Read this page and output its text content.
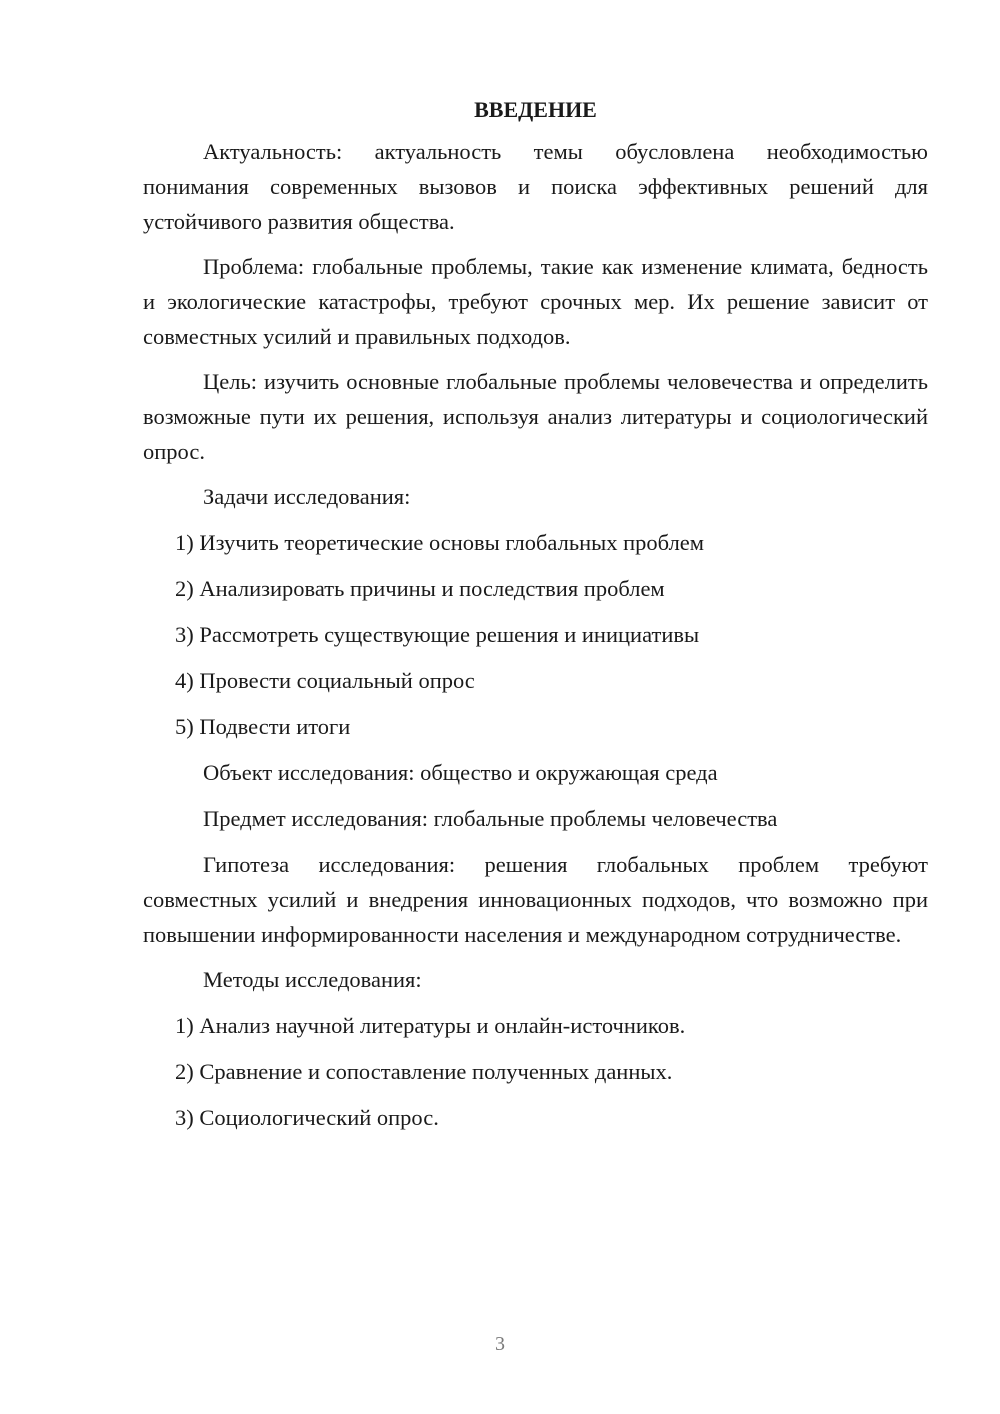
ВВЕДЕНИЕ

Актуальность: актуальность темы обусловлена необходимостью понимания современных вызовов и поиска эффективных решений для устойчивого развития общества.

Проблема: глобальные проблемы, такие как изменение климата, бедность и экологические катастрофы, требуют срочных мер. Их решение зависит от совместных усилий и правильных подходов.

Цель: изучить основные глобальные проблемы человечества и определить возможные пути их решения, используя анализ литературы и социологический опрос.

Задачи исследования:
1) Изучить теоретические основы глобальных проблем
2) Анализировать причины и последствия проблем
3) Рассмотреть существующие решения и инициативы
4) Провести социальный опрос
5) Подвести итоги
Объект исследования: общество и окружающая среда
Предмет исследования: глобальные проблемы человечества

Гипотеза исследования: решения глобальных проблем требуют совместных усилий и внедрения инновационных подходов, что возможно при повышении информированности населения и международном сотрудничестве.

Методы исследования:
1) Анализ научной литературы и онлайн-источников.
2) Сравнение и сопоставление полученных данных.
3) Социологический опрос.
3
